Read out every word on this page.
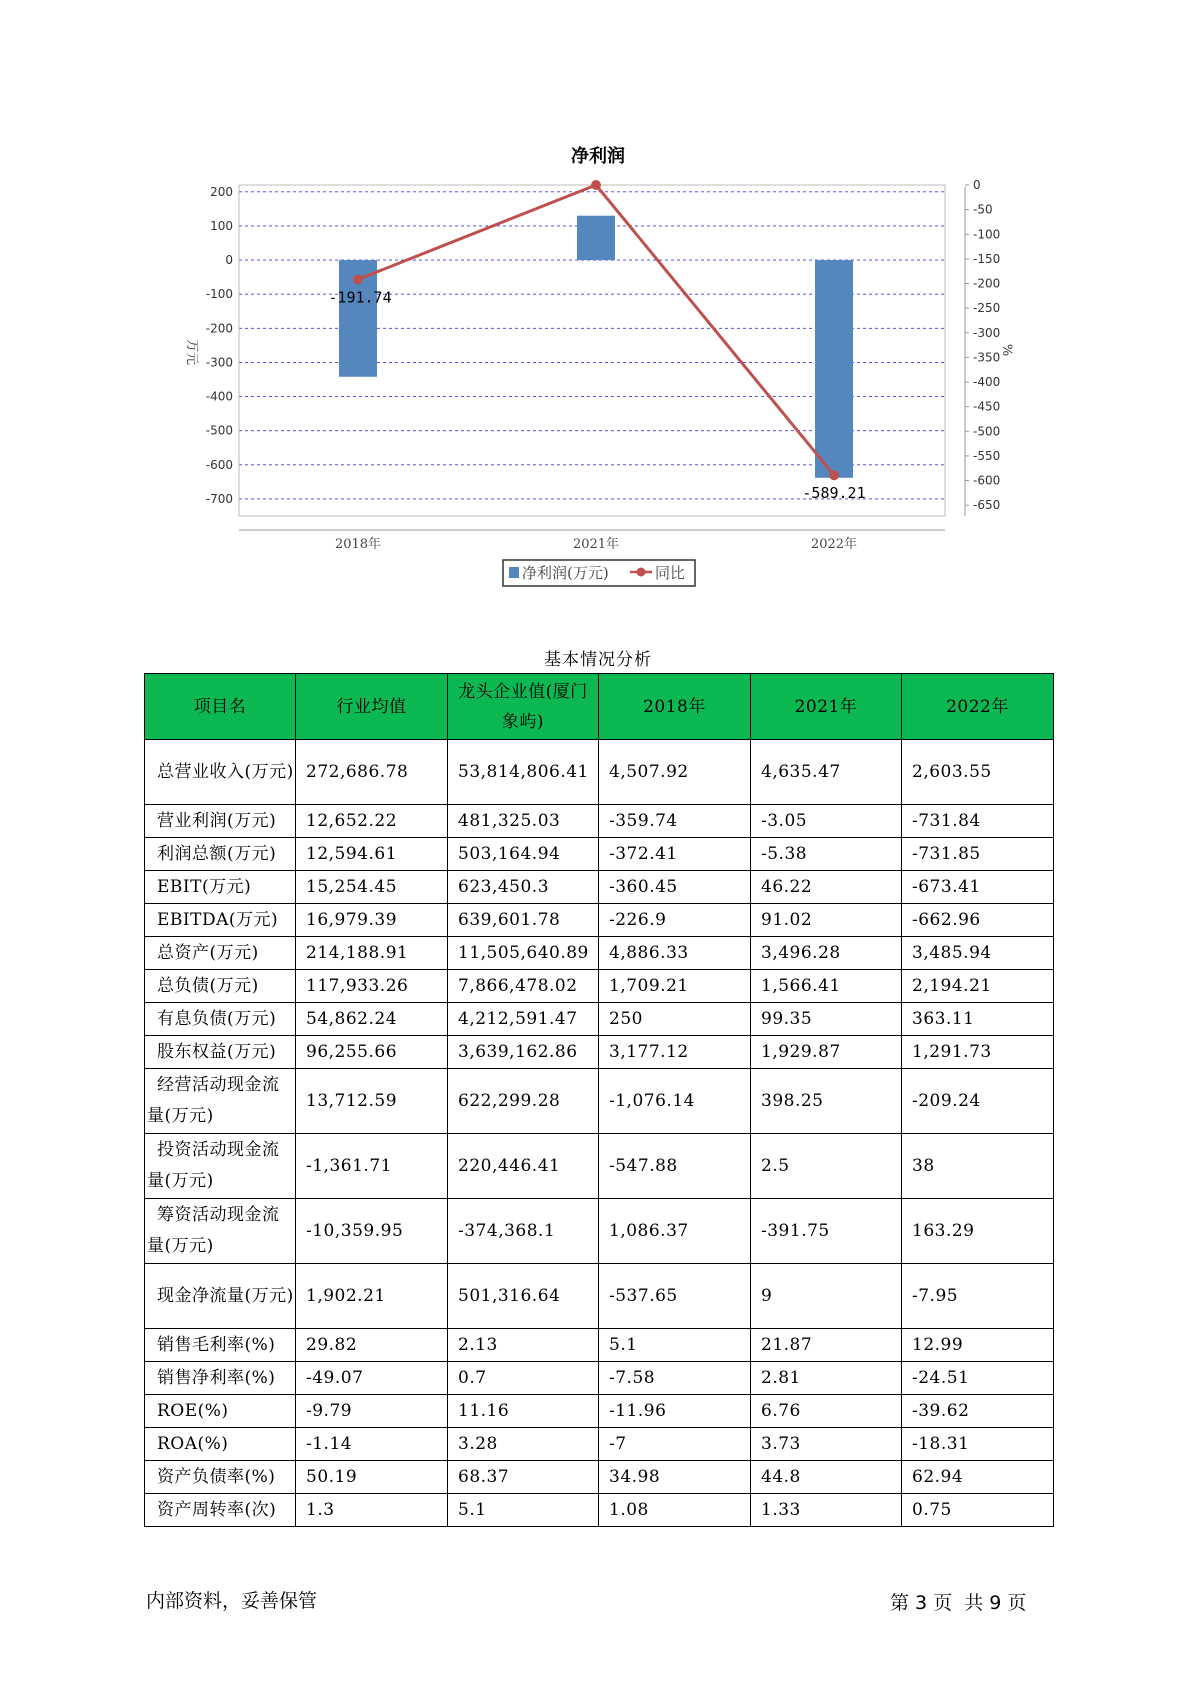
净利润
-191.74
-589.21
200
100
0
-100
-200
-300
-400
-500
-600
-700
0
-50
-100
-150
-200
-250
-300
-350
-400
-450
-500
-550
-600
-650
2018年	2021年	2022年
万元	%
净利润(万元)	同比
基本情况分析
项目名	行业均值	龙头企业值(厦门象屿)	2018年	2021年	2022年
总营业收入(万元)	272,686.78	53,814,806.41	4,507.92	4,635.47	2,603.55
营业利润(万元)	12,652.22	481,325.03	-359.74	-3.05	-731.84
利润总额(万元)	12,594.61	503,164.94	-372.41	-5.38	-731.85
EBIT(万元)	15,254.45	623,450.3	-360.45	46.22	-673.41
EBITDA(万元)	16,979.39	639,601.78	-226.9	91.02	-662.96
总资产(万元)	214,188.91	11,505,640.89	4,886.33	3,496.28	3,485.94
总负债(万元)	117,933.26	7,866,478.02	1,709.21	1,566.41	2,194.21
有息负债(万元)	54,862.24	4,212,591.47	250	99.35	363.11
股东权益(万元)	96,255.66	3,639,162.86	3,177.12	1,929.87	1,291.73
经营活动现金流量(万元)	13,712.59	622,299.28	-1,076.14	398.25	-209.24
投资活动现金流量(万元)	-1,361.71	220,446.41	-547.88	2.5	38
筹资活动现金流量(万元)	-10,359.95	-374,368.1	1,086.37	-391.75	163.29
现金净流量(万元)	1,902.21	501,316.64	-537.65	9	-7.95
销售毛利率(%)	29.82	2.13	5.1	21.87	12.99
销售净利率(%)	-49.07	0.7	-7.58	2.81	-24.51
ROE(%)	-9.79	11.16	-11.96	6.76	-39.62
ROA(%)	-1.14	3.28	-7	3.73	-18.31
资产负债率(%)	50.19	68.37	34.98	44.8	62.94
资产周转率(次)	1.3	5.1	1.08	1.33	0.75
内部资料，妥善保管	第 3 页  共 9 页
